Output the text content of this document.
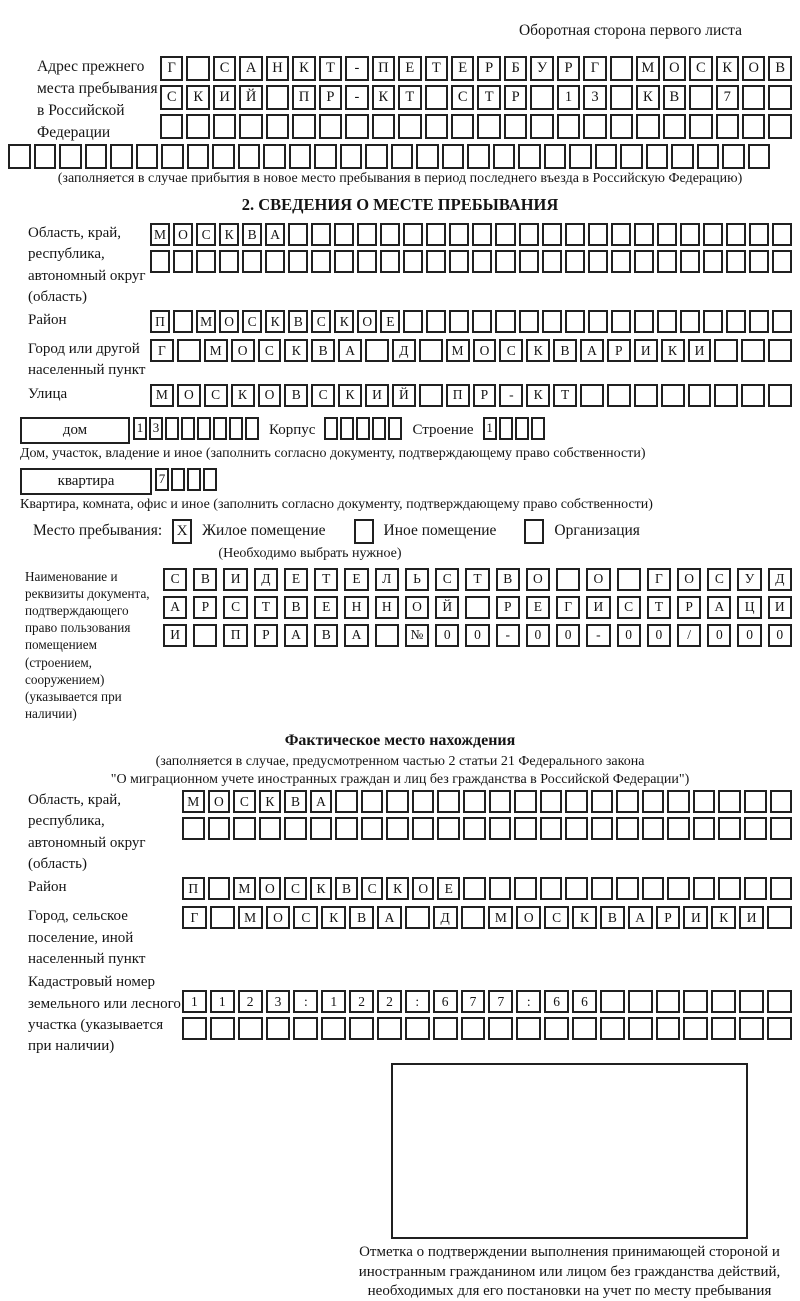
Оборотная сторона первого листа
Адрес прежнего места пребывания в Российской Федерации
Г	С	А	Н	К	Т	-	П	Е	Т	Е	Р	Б	У	Р	Г	М	О	С	К	О	В
С	К	И	Й	П	Р	-	К	Т	С	Т	Р	1	3	К	В	7
(заполняется в случае прибытия в новое место пребывания в период последнего въезда в Российскую Федерацию)
2. СВЕДЕНИЯ О МЕСТЕ ПРЕБЫВАНИЯ
Область, край, республика, автономный округ (область)
М О	С	К	В	А
Район	П	М О	С	К	В	С	К	О	Е
Город или другой населенный пункт
Г	М	О	С	К	В	А	Д	М	О	С	К	В	А	Р	И	К	И
Улица	М	О	С	К	О	В	С	К	И	Й	П	Р	-	К	Т
дом	1 3	Корпус	Строение 1
Дом, участок, владение и иное (заполнить согласно документу, подтверждающему право собственности)
квартира	7
Квартира, комната, офис и иное (заполнить согласно документу, подтверждающему право собственности)
Место пребывания: X Жилое помещение	Иное помещение	Организация
(Необходимо выбрать нужное)
Наименование и реквизиты документа, подтверждающего право пользования помещением (строением, сооружением) (указывается при наличии)
С	В	И	Д	Е	Т	Е	Л	Ь	С	Т	В	О	О	Г	О	С	У	Д
А	Р	С	Т	В	Е	Н	Н	О	Й	Р	Е	Г	И	С	Т	Р	А	Ц	И
И	П	Р	А	В	А	№	0	0	-	0	0	-	0	0	/	0	0	0
Фактическое место нахождения
(заполняется в случае, предусмотренном частью 2 статьи 21 Федерального закона
"О миграционном учете иностранных граждан и лиц без гражданства в Российской Федерации")
Область, край, республика, автономный округ (область)
М	О	С	К	В	А
Район	П	М	О	С	К	В	С	К	О	Е
Город, сельское поселение, иной населенный пункт
Г	М	О	С	К	В	А	Д	М	О	С	К	В	А	Р	И	К	И
Кадастровый номер земельного или лесного участка (указывается при наличии)
1	1	2	3	:	1	2	2	:	6	7	7	:	6	6
Отметка о подтверждении выполнения принимающей стороной и иностранным гражданином или лицом без гражданства действий, необходимых для его постановки на учет по месту пребывания
